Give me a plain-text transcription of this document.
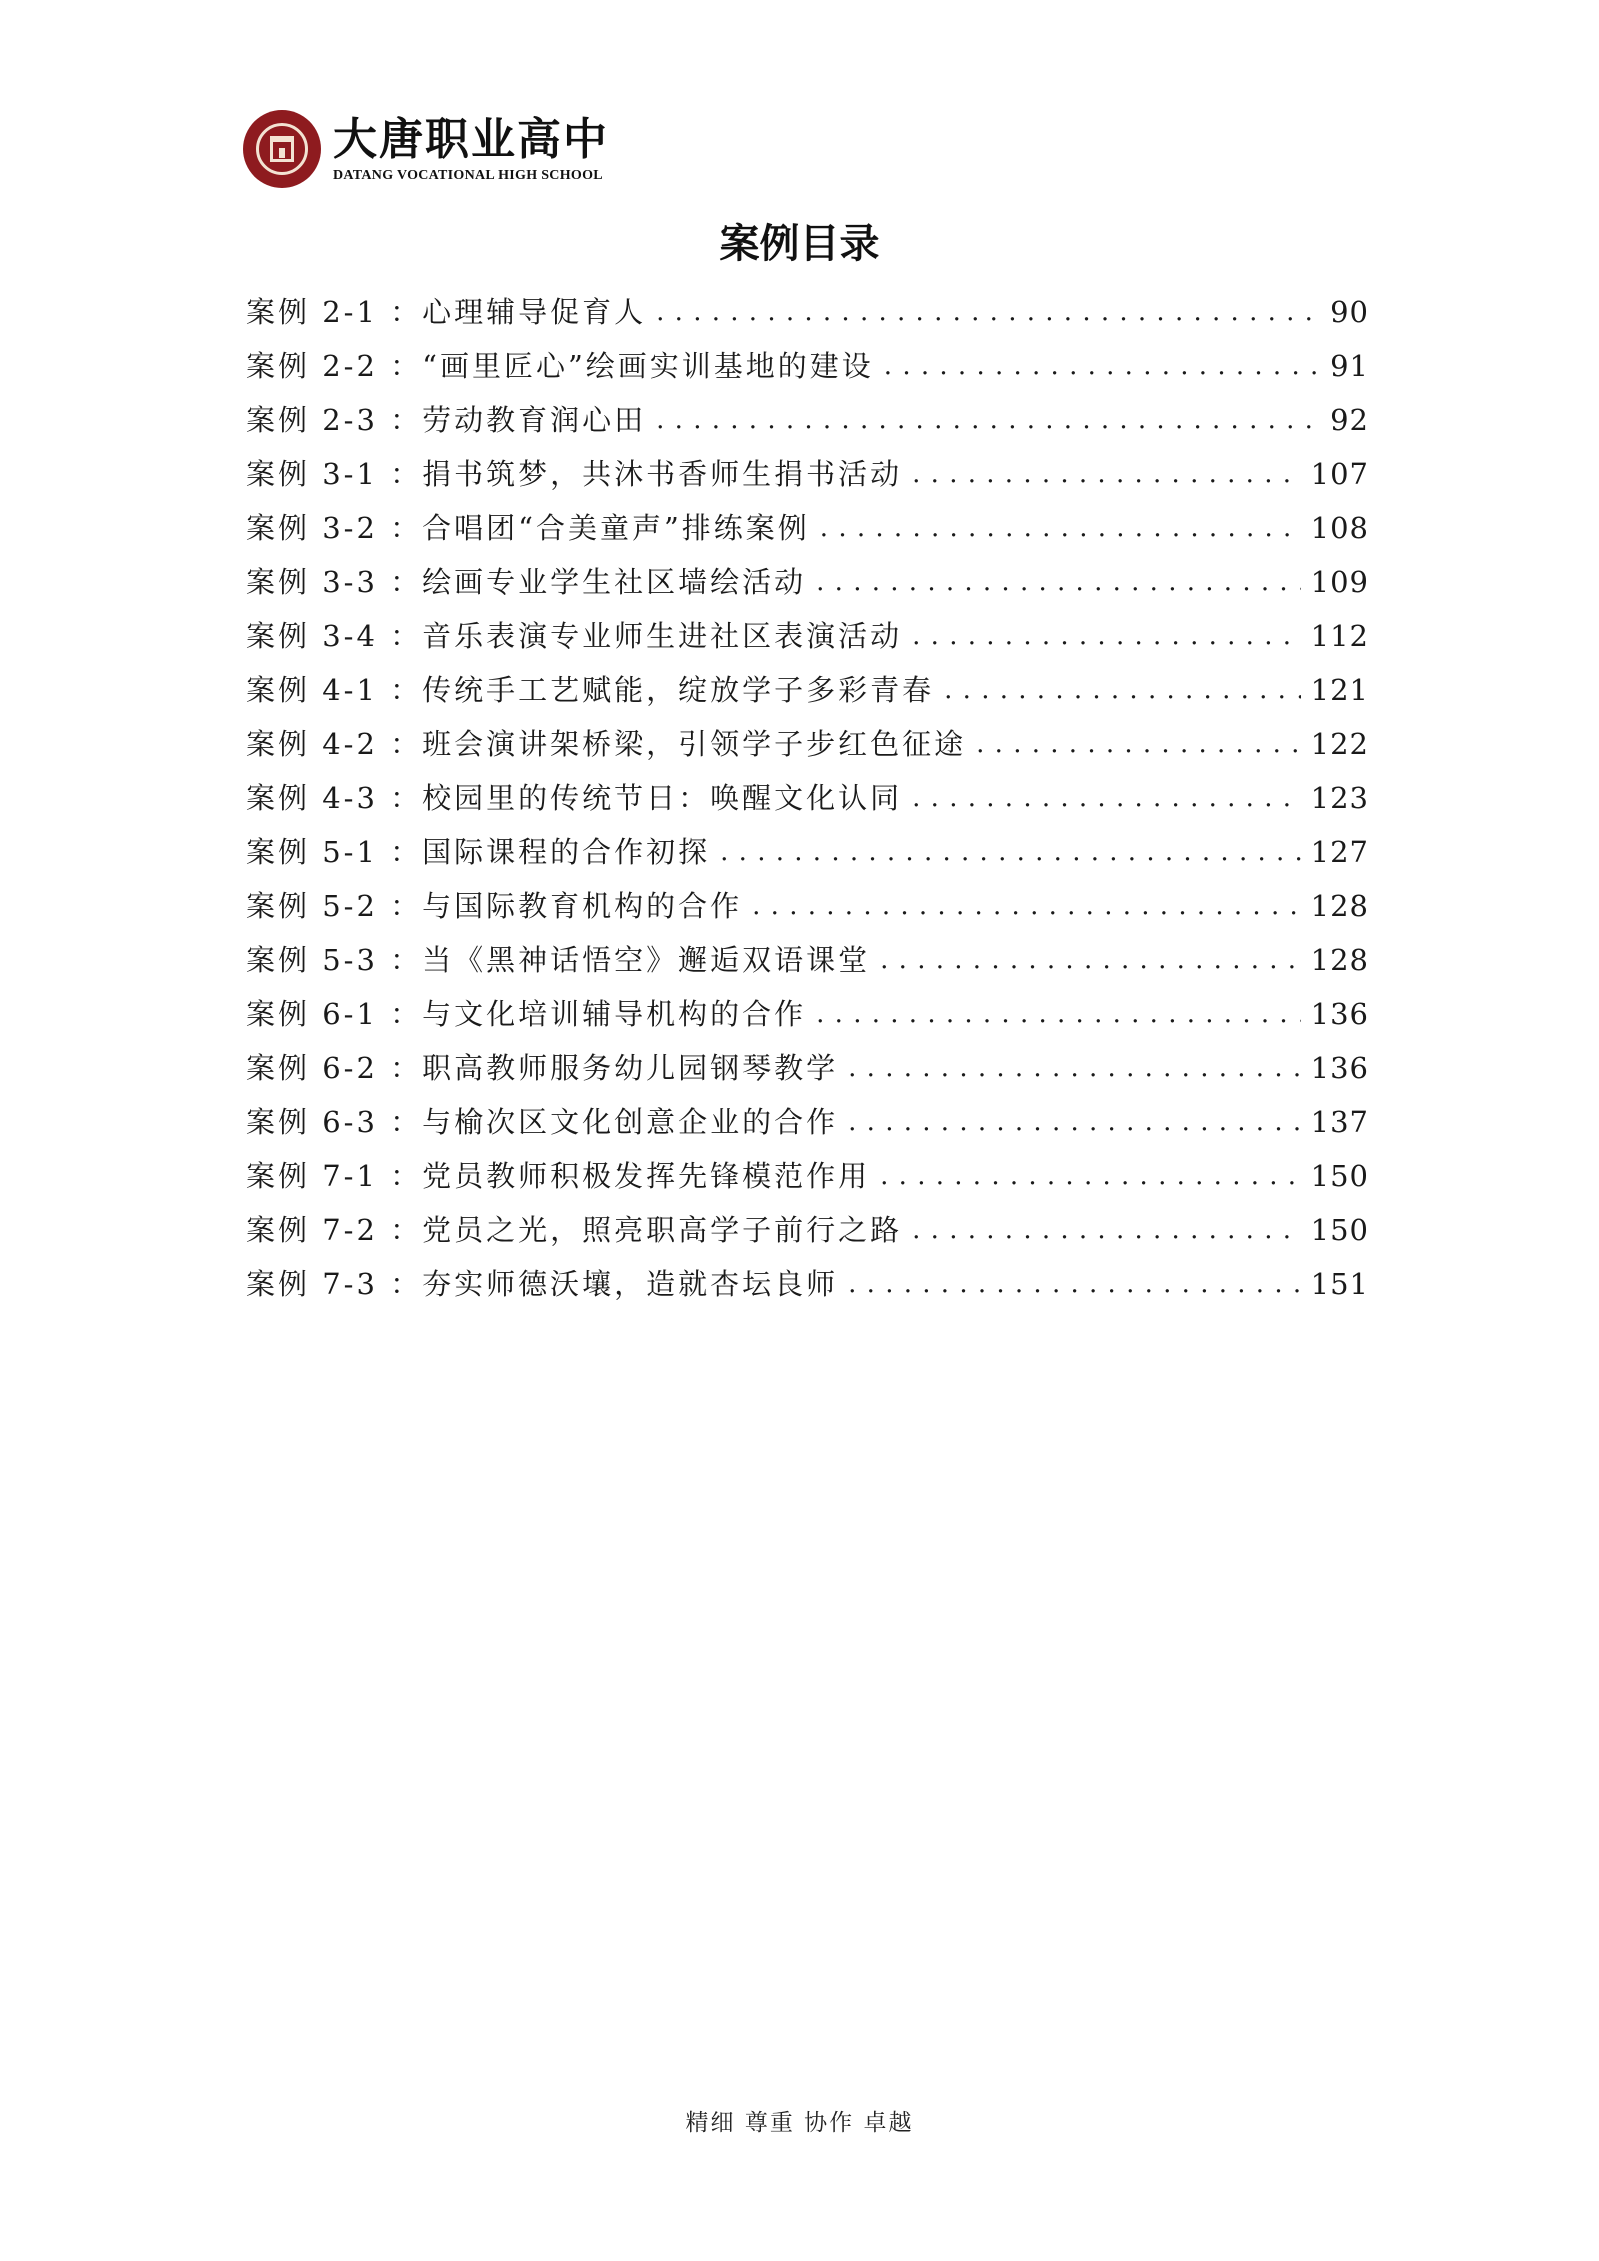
大唐职业高中
DATANG VOCATIONAL HIGH SCHOOL
案例目录
案例 2-1 ：心理辅导促育人 . . .	90
案例 2-2 ：“画里匠心”绘画实训基地的建设 . . .	91
案例 2-3 ：劳动教育润心田 . . .	92
案例 3-1 ：捐书筑梦，共沐书香师生捐书活动 . . .	107
案例 3-2 ：合唱团“合美童声”排练案例 . . .	108
案例 3-3 ：绘画专业学生社区墙绘活动 . . .	109
案例 3-4 ：音乐表演专业师生进社区表演活动 . . .	112
案例 4-1 ：传统手工艺赋能，绽放学子多彩青春 . . .	121
案例 4-2 ：班会演讲架桥梁，引领学子步红色征途 . . .	122
案例 4-3 ：校园里的传统节日：唤醒文化认同 . . .	123
案例 5-1 ：国际课程的合作初探 . . .	127
案例 5-2 ：与国际教育机构的合作 . . .	128
案例 5-3 ：当《黑神话悟空》邂逅双语课堂 . . .	128
案例 6-1 ：与文化培训辅导机构的合作 . . .	136
案例 6-2 ：职高教师服务幼儿园钢琴教学 . . .	136
案例 6-3 ：与榆次区文化创意企业的合作 . . .	137
案例 7-1 ：党员教师积极发挥先锋模范作用 . . .	150
案例 7-2 ：党员之光，照亮职高学子前行之路 . . .	150
案例 7-3 ：夯实师德沃壤，造就杏坛良师 . . .	151
精细 尊重 协作 卓越
